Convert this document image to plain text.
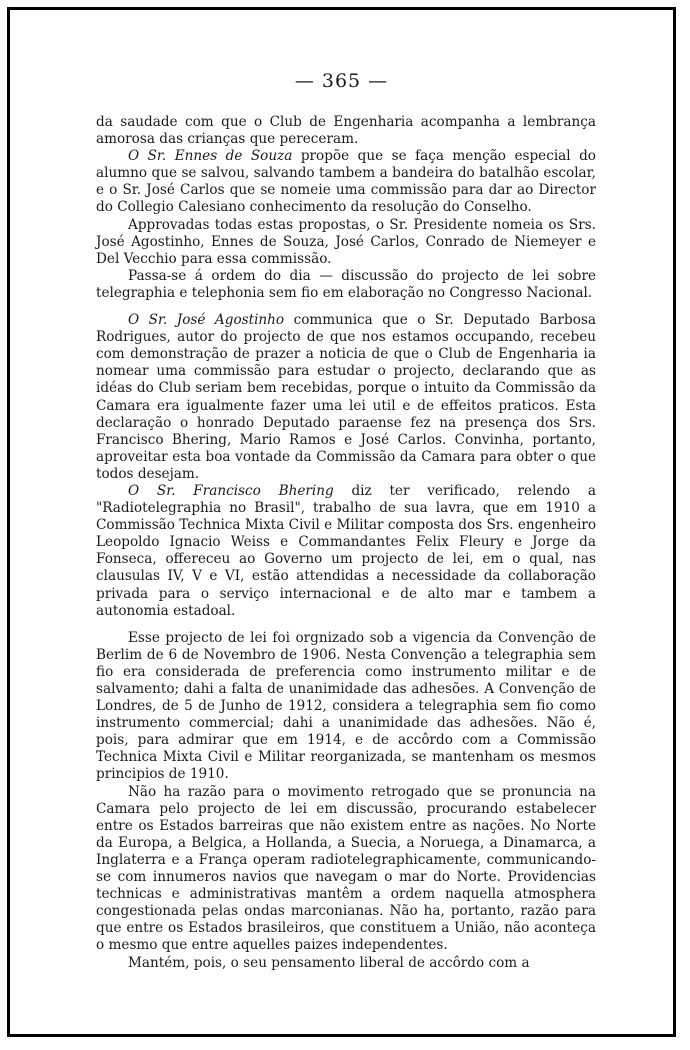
— 365 —

da saudade com que o Club de Engenharia acompanha a lembrança amorosa das crianças que pereceram.

O Sr. Ennes de Souza propõe que se faça menção especial do alumno que se salvou, salvando tambem a bandeira do batalhão escolar, e o Sr. José Carlos que se nomeie uma commissão para dar ao Director do Collegio Calesiano conhecimento da resolução do Conselho.

Approvadas todas estas propostas, o Sr. Presidente nomeia os Srs. José Agostinho, Ennes de Souza, José Carlos, Conrado de Niemeyer e Del Vecchio para essa commissão.

Passa-se á ordem do dia — discussão do projecto de lei sobre telegraphia e telephonia sem fio em elaboração no Congresso Nacional.

O Sr. José Agostinho communica que o Sr. Deputado Barbosa Rodrigues, autor do projecto de que nos estamos occupando, recebeu com demonstração de prazer a noticia de que o Club de Engenharia ia nomear uma commissão para estudar o projecto, declarando que as idéas do Club seriam bem recebidas, porque o intuito da Commissão da Camara era igualmente fazer uma lei util e de effeitos praticos. Esta declaração o honrado Deputado paraense fez na presença dos Srs. Francisco Bhering, Mario Ramos e José Carlos. Convinha, portanto, aproveitar esta boa vontade da Commissão da Camara para obter o que todos desejam.

O Sr. Francisco Bhering diz ter verificado, relendo a "Radiotelegraphia no Brasil", trabalho de sua lavra, que em 1910 a Commissão Technica Mixta Civil e Militar composta dos Srs. engenheiro Leopoldo Ignacio Weiss e Commandantes Felix Fleury e Jorge da Fonseca, offereceu ao Governo um projecto de lei, em o qual, nas clausulas IV, V e VI, estão attendidas a necessidade da collaboração privada para o serviço internacional e de alto mar e tambem a autonomia estadoal.

Esse projecto de lei foi orgnizado sob a vigencia da Convenção de Berlim de 6 de Novembro de 1906. Nesta Convenção a telegraphia sem fio era considerada de preferencia como instrumento militar e de salvamento; dahi a falta de unanimidade das adhesões. A Convenção de Londres, de 5 de Junho de 1912, considera a telegraphia sem fio como instrumento commercial; dahi a unanimidade das adhesões. Não é, pois, para admirar que em 1914, e de accôrdo com a Commissão Technica Mixta Civil e Militar reorganizada, se mantenham os mesmos principios de 1910.

Não ha razão para o movimento retrogado que se pronuncia na Camara pelo projecto de lei em discussão, procurando estabelecer entre os Estados barreiras que não existem entre as nações. No Norte da Europa, a Belgica, a Hollanda, a Suecia, a Noruega, a Dinamarca, a Inglaterra e a França operam radiotelegraphicamente, communicando-se com innumeros navios que navegam o mar do Norte. Providencias technicas e administrativas mantêm a ordem naquella atmosphera congestionada pelas ondas marconianas. Não ha, portanto, razão para que entre os Estados brasileiros, que constituem a União, não aconteça o mesmo que entre aquelles paizes independentes.

Mantém, pois, o seu pensamento liberal de accôrdo com a
